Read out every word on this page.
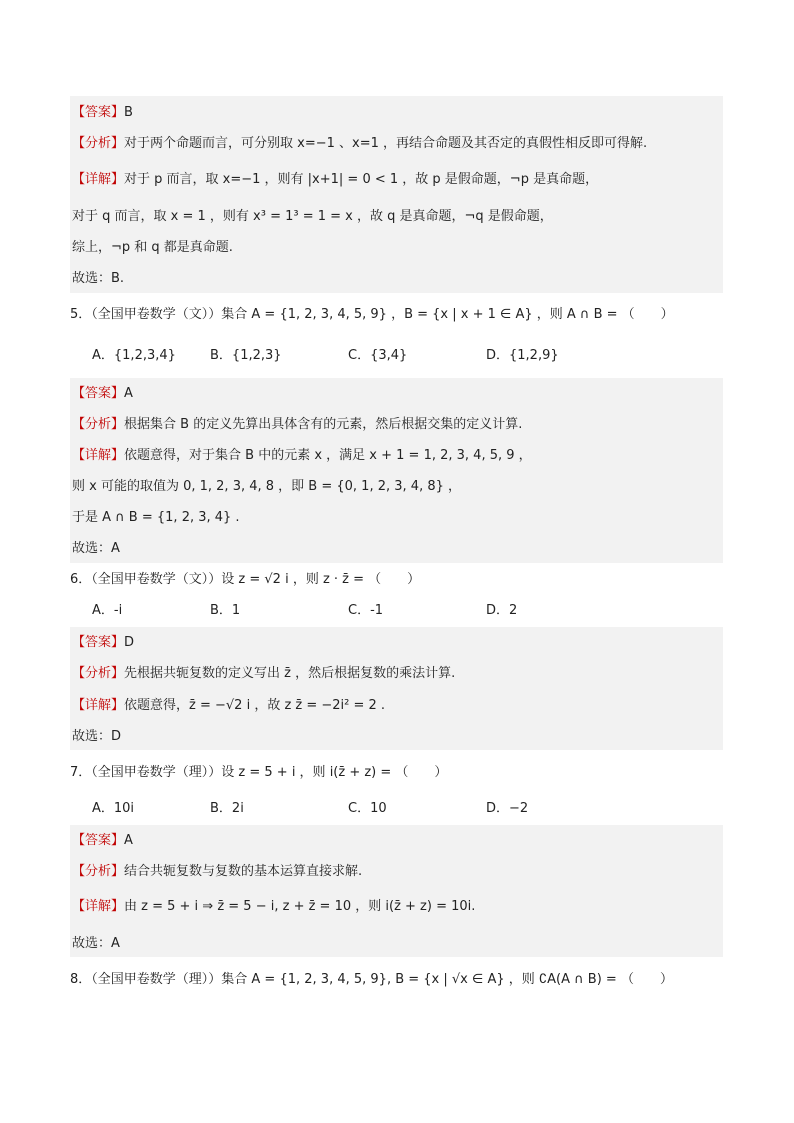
【答案】B
【分析】对于两个命题而言，可分别取 x=−1 、x=1 ，再结合命题及其否定的真假性相反即可得解.
【详解】对于 p 而言，取 x=−1 ，则有 |x+1| = 0 < 1 ，故 p 是假命题，¬p 是真命题，
对于 q 而言，取 x = 1 ，则有 x³ = 1³ = 1 = x ，故 q 是真命题，¬q 是假命题，
综上，¬p 和 q 都是真命题.
故选：B.
5．（全国甲卷数学（文））集合 A = {1, 2, 3, 4, 5, 9} ，B = {x | x + 1 ∈ A} ，则 A ∩ B = （　　）
A．{1,2,3,4}	B．{1,2,3}	C．{3,4}	D．{1,2,9}
【答案】A
【分析】根据集合 B 的定义先算出具体含有的元素，然后根据交集的定义计算.
【详解】依题意得，对于集合 B 中的元素 x ，满足 x + 1 = 1, 2, 3, 4, 5, 9 ，
则 x 可能的取值为 0, 1, 2, 3, 4, 8 ，即 B = {0, 1, 2, 3, 4, 8} ，
于是 A ∩ B = {1, 2, 3, 4} .
故选：A
6．（全国甲卷数学（文））设 z = √2 i ，则 z · z̄ = （　　）
A．-i	B．1	C．-1	D．2
【答案】D
【分析】先根据共轭复数的定义写出 z̄ ，然后根据复数的乘法计算.
【详解】依题意得，z̄ = −√2 i ，故 z z̄ = −2i² = 2 .
故选：D
7．（全国甲卷数学（理））设 z = 5 + i ，则 i(z̄ + z) = （　　）
A．10i	B．2i	C．10	D．−2
【答案】A
【分析】结合共轭复数与复数的基本运算直接求解.
【详解】由 z = 5 + i ⇒ z̄ = 5 − i, z + z̄ = 10 ，则 i(z̄ + z) = 10i.
故选：A
8．（全国甲卷数学（理））集合 A = {1, 2, 3, 4, 5, 9}, B = {x | √x ∈ A} ，则 ∁A(A ∩ B) = （　　）
